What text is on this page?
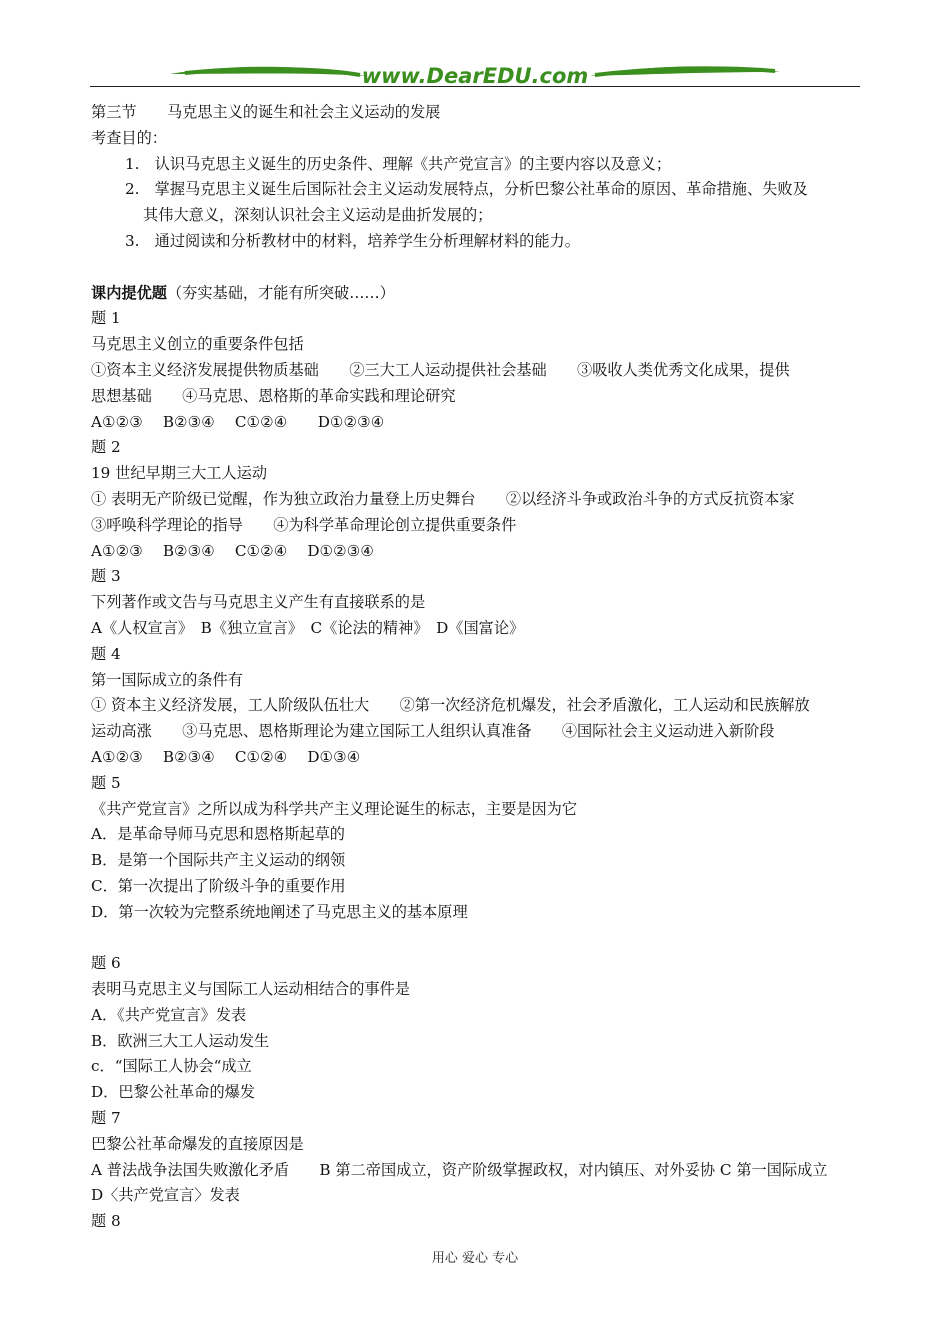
www.DearEDU.com
第三节　　马克思主义的诞生和社会主义运动的发展
考查目的：
1.　认识马克思主义诞生的历史条件、理解《共产党宣言》的主要内容以及意义；
2.　掌握马克思主义诞生后国际社会主义运动发展特点，分析巴黎公社革命的原因、革命措施、失败及
其伟大意义，深刻认识社会主义运动是曲折发展的；
3.　通过阅读和分析教材中的材料，培养学生分析理解材料的能力。
课内提优题（夯实基础，才能有所突破……）
题 1
马克思主义创立的重要条件包括
①资本主义经济发展提供物质基础　　②三大工人运动提供社会基础　　③吸收人类优秀文化成果，提供
思想基础　　④马克思、恩格斯的革命实践和理论研究
A①②③　 B②③④　 C①②④　　D①②③④
题 2
19 世纪早期三大工人运动
① 表明无产阶级已觉醒，作为独立政治力量登上历史舞台　　②以经济斗争或政治斗争的方式反抗资本家
③呼唤科学理论的指导　　④为科学革命理论创立提供重要条件
A①②③　 B②③④　 C①②④　 D①②③④
题 3
下列著作或文告与马克思主义产生有直接联系的是
A《人权宣言》　B《独立宣言》　C《论法的精神》　D《国富论》
题 4
第一国际成立的条件有
① 资本主义经济发展，工人阶级队伍壮大　　②第一次经济危机爆发，社会矛盾激化，工人运动和民族解放
运动高涨　　③马克思、恩格斯理论为建立国际工人组织认真准备　　④国际社会主义运动进入新阶段
A①②③　 B②③④　 C①②④　 D①③④
题 5
《共产党宣言》之所以成为科学共产主义理论诞生的标志，主要是因为它
A．是革命导师马克思和恩格斯起草的
B．是第一个国际共产主义运动的纲领
C．第一次提出了阶级斗争的重要作用
D．第一次较为完整系统地阐述了马克思主义的基本原理
题 6
表明马克思主义与国际工人运动相结合的事件是
A．《共产党宣言》发表
B．欧洲三大工人运动发生
c．“国际工人协会“成立
D．巴黎公社革命的爆发
题 7
巴黎公社革命爆发的直接原因是
A 普法战争法国失败激化矛盾　　B 第二帝国成立，资产阶级掌握政权，对内镇压、对外妥协 C 第一国际成立
D〈共产党宣言〉发表
题 8
用心 爱心 专心
